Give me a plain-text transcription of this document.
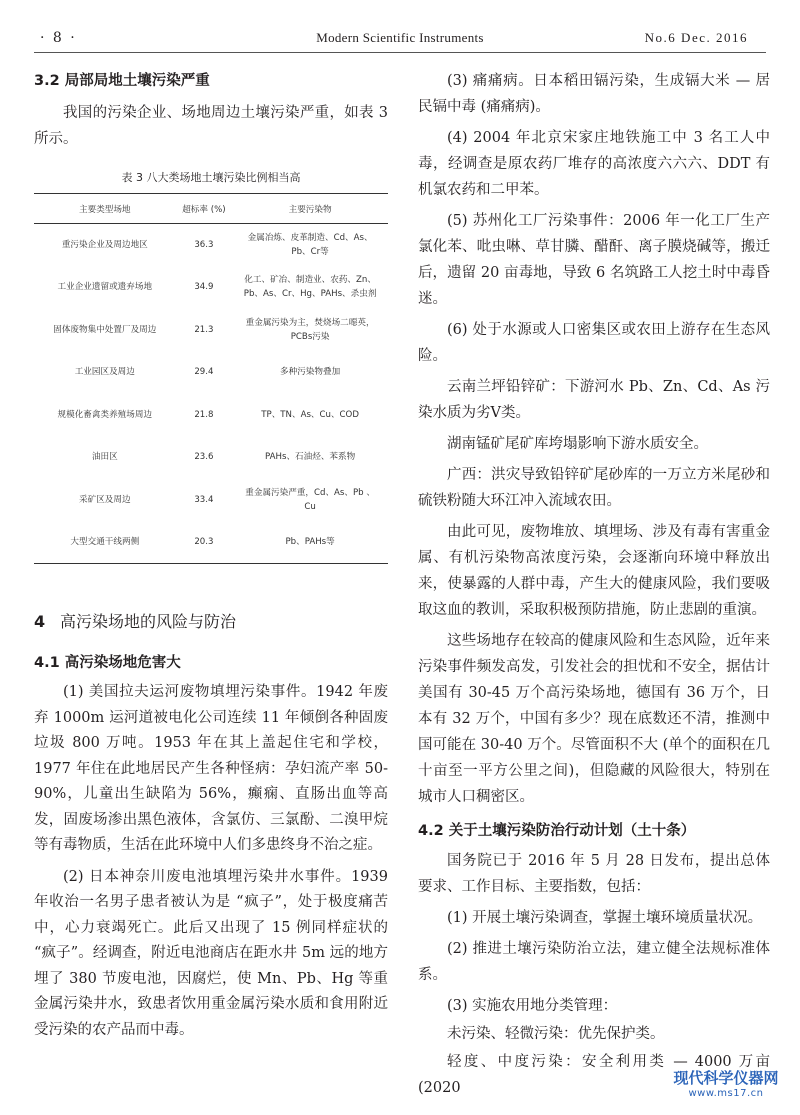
· 8 ·	Modern Scientific Instruments	No.6 Dec. 2016
3.2 局部局地土壤污染严重

我国的污染企业、场地周边土壤污染严重，如表 3 所示。

表 3 八大类场地土壤污染比例相当高
主要类型场地	超标率 (%)	主要污染物
重污染企业及周边地区	36.3	金属冶炼、皮革制造、Cd、As、Pb、Cr等
工业企业遗留或遗弃场地	34.9	化工、矿冶、制造业、农药、Zn、Pb、As、Cr、Hg、PAHs、杀虫剂
固体废物集中处置厂及周边	21.3	重金属污染为主，焚烧场二噁英，PCBs污染
工业园区及周边	29.4	多种污染物叠加
规模化畜禽类养殖场周边	21.8	TP、TN、As、Cu、COD
油田区	23.6	PAHs、石油烃、苯系物
采矿区及周边	33.4	重金属污染严重，Cd、As、Pb 、Cu
大型交通干线两侧	20.3	Pb、PAHs等
4 高污染场地的风险与防治
4.1 高污染场地危害大

(1) 美国拉夫运河废物填埋污染事件。1942 年废弃 1000m 运河道被电化公司连续 11 年倾倒各种固废垃圾 800 万吨。1953 年在其上盖起住宅和学校，1977 年住在此地居民产生各种怪病：孕妇流产率 50-90%，儿童出生缺陷为 56%，癫痫、直肠出血等高发，固废场渗出黑色液体，含氯仿、三氯酚、二溴甲烷等有毒物质，生活在此环境中人们多患终身不治之症。

(2) 日本神奈川废电池填埋污染井水事件。1939 年收治一名男子患者被认为是 “疯子”，处于极度痛苦中，心力衰竭死亡。此后又出现了 15 例同样症状的 “疯子”。经调查，附近电池商店在距水井 5m 远的地方埋了 380 节废电池，因腐烂，使 Mn、Pb、Hg 等重金属污染井水，致患者饮用重金属污染水质和食用附近受污染的农产品而中毒。

(3) 痛痛病。日本稻田镉污染，生成镉大米 — 居民镉中毒 (痛痛病)。

(4) 2004 年北京宋家庄地铁施工中 3 名工人中毒，经调查是原农药厂堆存的高浓度六六六、DDT 有机氯农药和二甲苯。

(5) 苏州化工厂污染事件：2006 年一化工厂生产氯化苯、吡虫啉、草甘膦、醋酐、离子膜烧碱等，搬迁后，遗留 20 亩毒地，导致 6 名筑路工人挖土时中毒昏迷。

(6) 处于水源或人口密集区或农田上游存在生态风险。

云南兰坪铅锌矿：下游河水 Pb、Zn、Cd、As 污染水质为劣Ⅴ类。

湖南锰矿尾矿库垮塌影响下游水质安全。

广西：洪灾导致铅锌矿尾砂库的一万立方米尾砂和硫铁粉随大环江冲入流域农田。

由此可见，废物堆放、填埋场、涉及有毒有害重金属、有机污染物高浓度污染，会逐渐向环境中释放出来，使暴露的人群中毒，产生大的健康风险，我们要吸取这血的教训，采取积极预防措施，防止悲剧的重演。

这些场地存在较高的健康风险和生态风险，近年来污染事件频发高发，引发社会的担忧和不安全，据估计美国有 30-45 万个高污染场地，德国有 36 万个，日本有 32 万个，中国有多少？现在底数还不清，推测中国可能在 30-40 万个。尽管面积不大 (单个的面积在几十亩至一平方公里之间)，但隐藏的风险很大，特别在城市人口稠密区。

4.2 关于土壤污染防治行动计划（土十条）

国务院已于 2016 年 5 月 28 日发布，提出总体要求、工作目标、主要指数，包括：

(1) 开展土壤污染调查，掌握土壤环境质量状况。

(2) 推进土壤污染防治立法，建立健全法规标准体系。

(3) 实施农用地分类管理：

未污染、轻微污染：优先保护类。

轻度、中度污染：安全利用类 — 4000 万亩 (2020

现代科学仪器网
www.ms17.cn
